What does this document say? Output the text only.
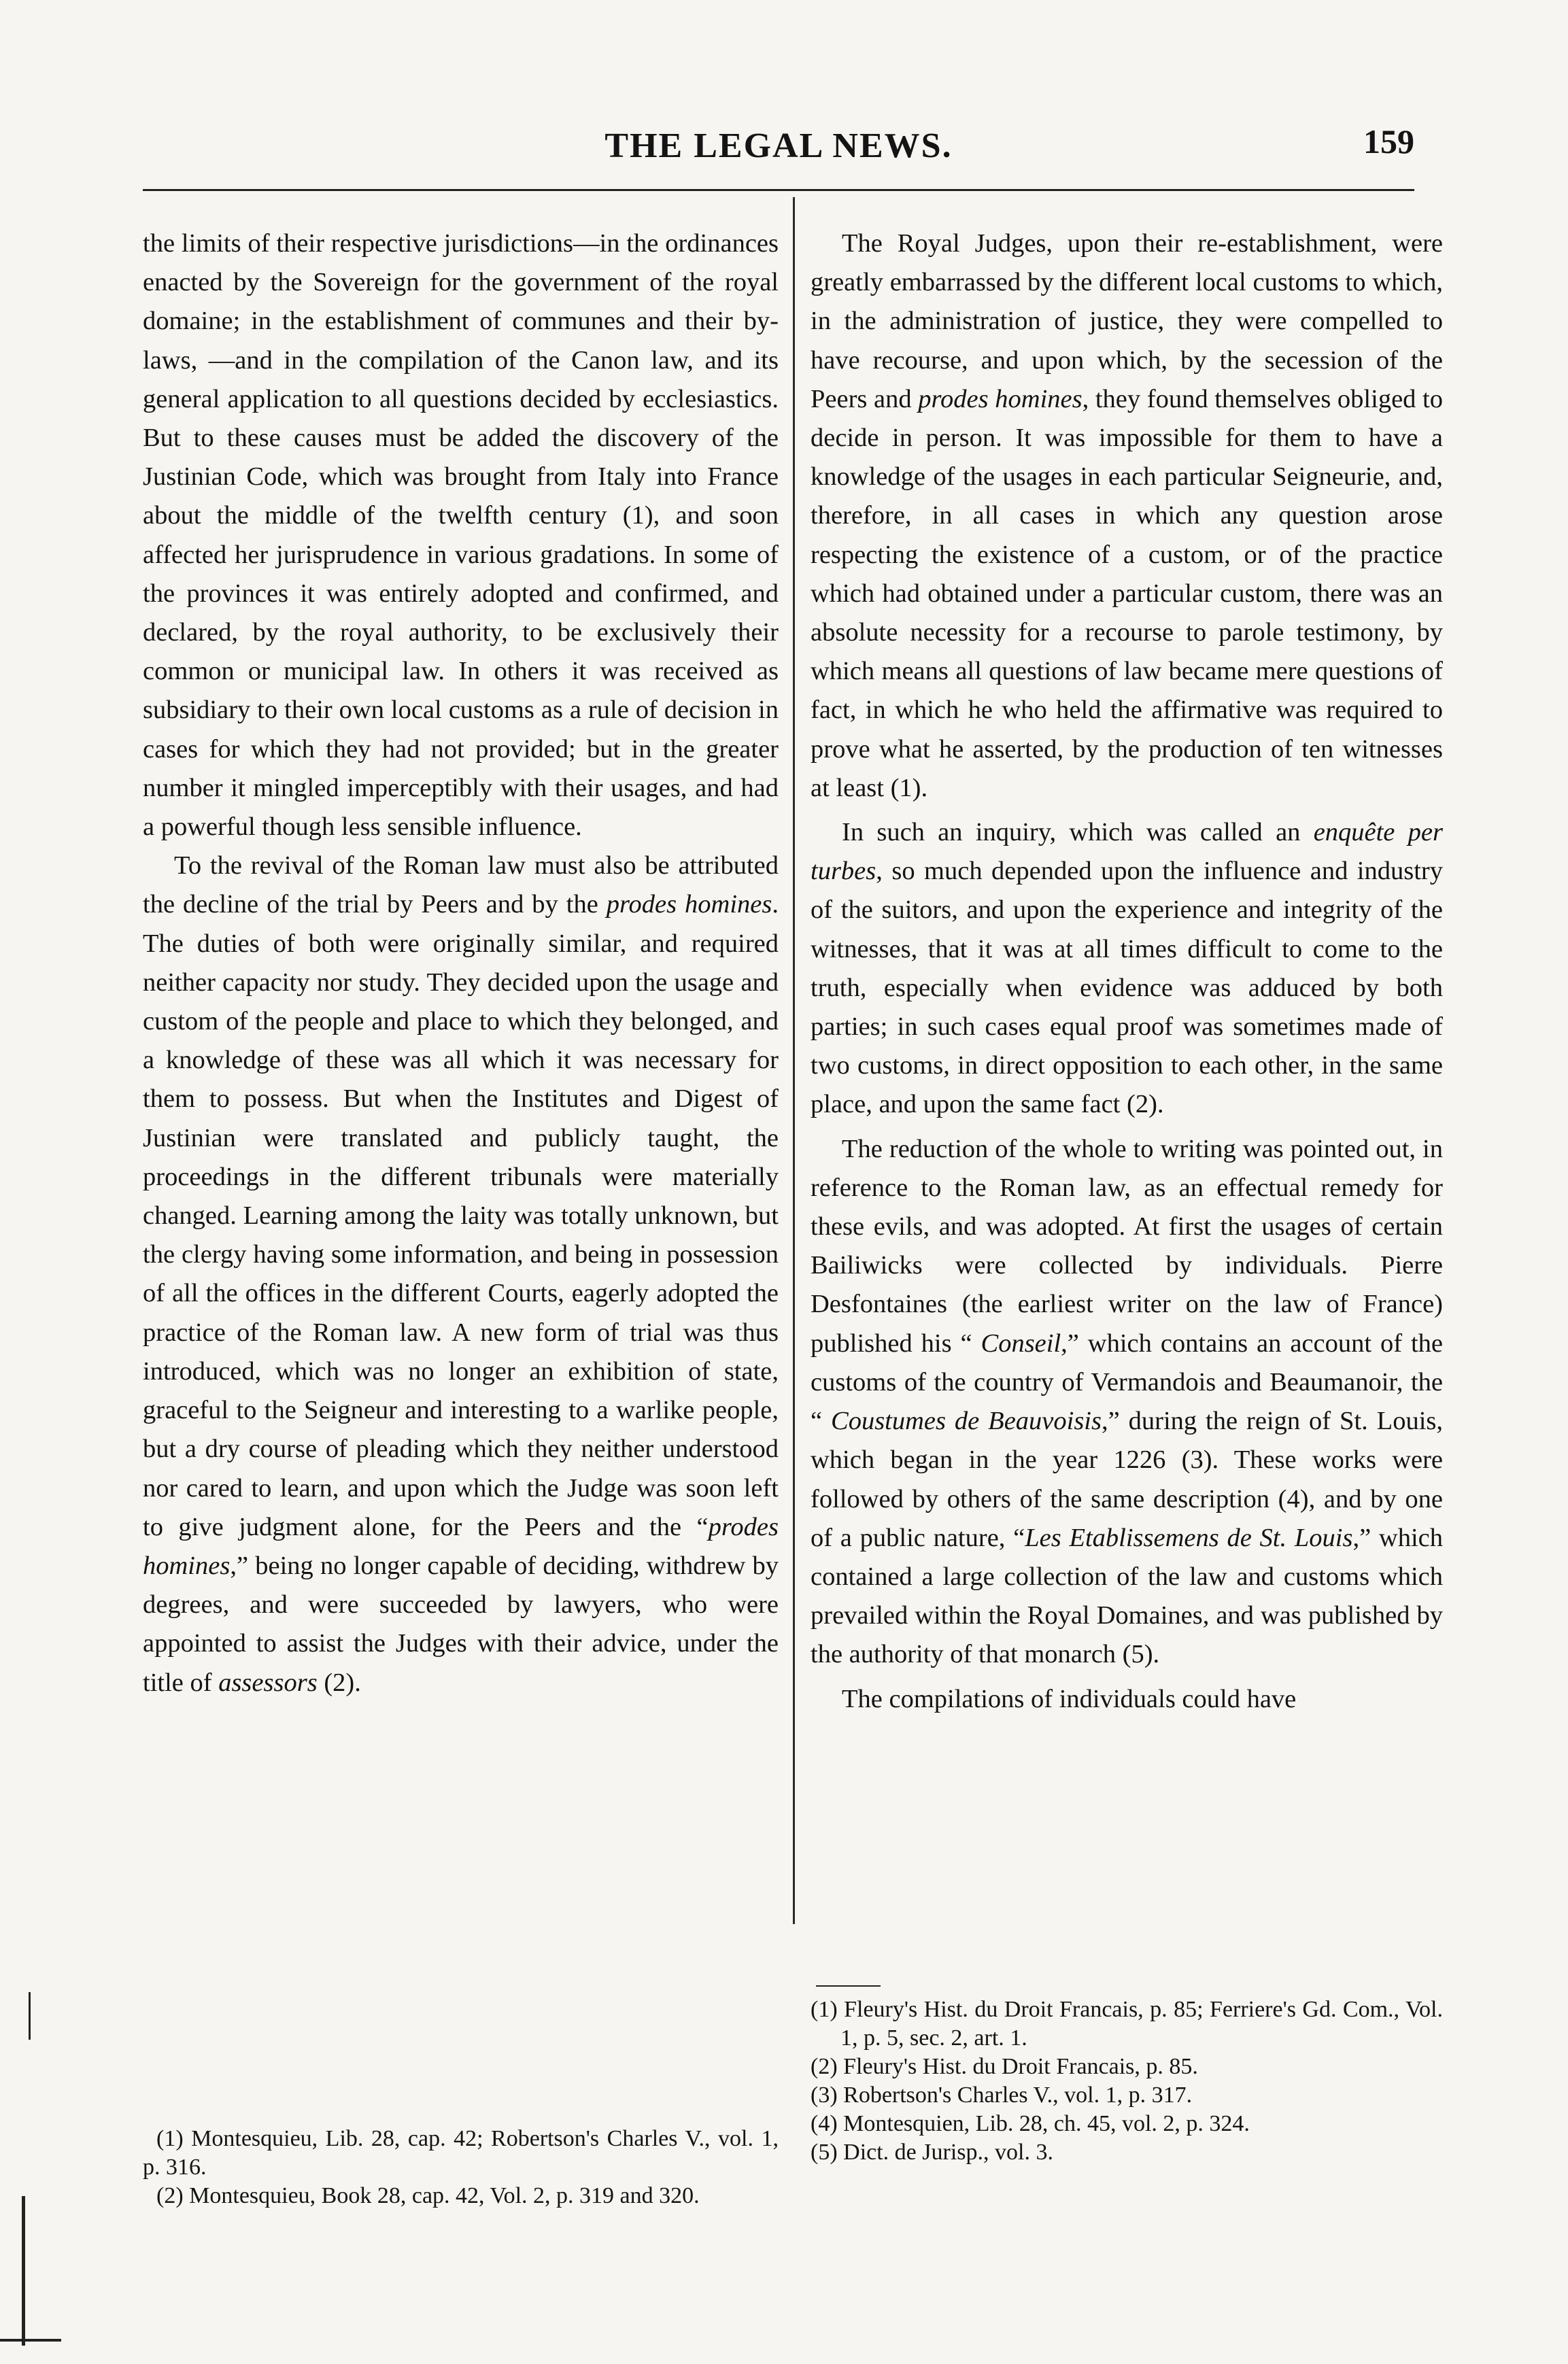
THE LEGAL NEWS.	159

the limits of their respective jurisdictions—in the ordinances enacted by the Sovereign for the government of the royal domaine; in the establishment of communes and their by-laws, —and in the compilation of the Canon law, and its general application to all questions decided by ecclesiastics. But to these causes must be added the discovery of the Justinian Code, which was brought from Italy into France about the middle of the twelfth century (1), and soon affected her jurisprudence in various gradations. In some of the provinces it was entirely adopted and confirmed, and declared, by the royal authority, to be exclusively their common or municipal law. In others it was received as subsidiary to their own local customs as a rule of decision in cases for which they had not provided; but in the greater number it mingled imperceptibly with their usages, and had a powerful though less sensible influence.

To the revival of the Roman law must also be attributed the decline of the trial by Peers and by the prodes homines. The duties of both were originally similar, and required neither capacity nor study. They decided upon the usage and custom of the people and place to which they belonged, and a knowledge of these was all which it was necessary for them to possess. But when the Institutes and Digest of Justinian were translated and publicly taught, the proceedings in the different tribunals were materially changed. Learning among the laity was totally unknown, but the clergy having some information, and being in possession of all the offices in the different Courts, eagerly adopted the practice of the Roman law. A new form of trial was thus introduced, which was no longer an exhibition of state, graceful to the Seigneur and interesting to a warlike people, but a dry course of pleading which they neither understood nor cared to learn, and upon which the Judge was soon left to give judgment alone, for the Peers and the “prodes homines,” being no longer capable of deciding, withdrew by degrees, and were succeeded by lawyers, who were appointed to assist the Judges with their advice, under the title of assessors (2).

The Royal Judges, upon their re-establishment, were greatly embarrassed by the different local customs to which, in the administration of justice, they were compelled to have recourse, and upon which, by the secession of the Peers and prodes homines, they found themselves obliged to decide in person. It was impossible for them to have a knowledge of the usages in each particular Seigneurie, and, therefore, in all cases in which any question arose respecting the existence of a custom, or of the practice which had obtained under a particular custom, there was an absolute necessity for a recourse to parole testimony, by which means all questions of law became mere questions of fact, in which he who held the affirmative was required to prove what he asserted, by the production of ten witnesses at least (1).

In such an inquiry, which was called an enquête per turbes, so much depended upon the influence and industry of the suitors, and upon the experience and integrity of the witnesses, that it was at all times difficult to come to the truth, especially when evidence was adduced by both parties; in such cases equal proof was sometimes made of two customs, in direct opposition to each other, in the same place, and upon the same fact (2).

The reduction of the whole to writing was pointed out, in reference to the Roman law, as an effectual remedy for these evils, and was adopted. At first the usages of certain Bailiwicks were collected by individuals. Pierre Desfontaines (the earliest writer on the law of France) published his “ Conseil,” which contains an account of the customs of the country of Vermandois and Beaumanoir, the “ Coustumes de Beauvoisis,” during the reign of St. Louis, which began in the year 1226 (3). These works were followed by others of the same description (4), and by one of a public nature, “Les Etablissemens de St. Louis,” which contained a large collection of the law and customs which prevailed within the Royal Domaines, and was published by the authority of that monarch (5).

The compilations of individuals could have

(1) Montesquieu, Lib. 28, cap. 42; Robertson's Charles V., vol. 1, p. 316.
(2) Montesquieu, Book 28, cap. 42, Vol. 2, p. 319 and 320.
(1) Fleury's Hist. du Droit Francais, p. 85; Ferriere's Gd. Com., Vol. 1, p. 5, sec. 2, art. 1.
(2) Fleury's Hist. du Droit Francais, p. 85.
(3) Robertson's Charles V., vol. 1, p. 317.
(4) Montesquien, Lib. 28, ch. 45, vol. 2, p. 324.
(5) Dict. de Jurisp., vol. 3.
